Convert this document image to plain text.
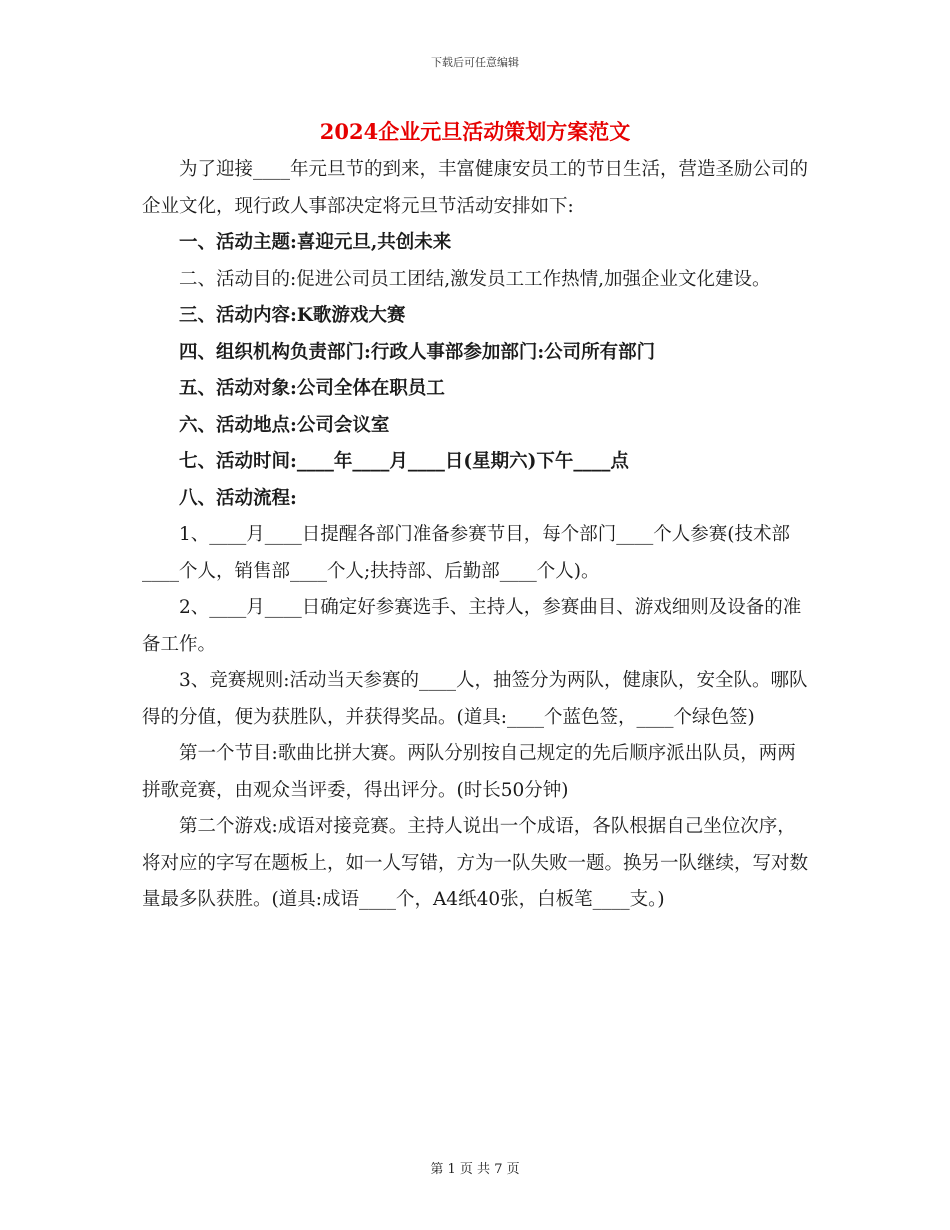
下载后可任意编辑
2024企业元旦活动策划方案范文

为了迎接____年元旦节的到来，丰富健康安员工的节日生活，营造圣励公司的企业文化，现行政人事部决定将元旦节活动安排如下:

一、活动主题:喜迎元旦,共创未来

二、活动目的:促进公司员工团结,激发员工工作热情,加强企业文化建设。

三、活动内容:K歌游戏大赛

四、组织机构负责部门:行政人事部参加部门:公司所有部门

五、活动对象:公司全体在职员工

六、活动地点:公司会议室

七、活动时间:____年____月____日(星期六)下午____点

八、活动流程:

1、____月____日提醒各部门准备参赛节目，每个部门____个人参赛(技术部____个人，销售部____个人;扶持部、后勤部____个人)。

2、____月____日确定好参赛选手、主持人，参赛曲目、游戏细则及设备的准备工作。

3、竞赛规则:活动当天参赛的____人，抽签分为两队，健康队，安全队。哪队得的分值，便为获胜队，并获得奖品。(道具:____个蓝色签，____个绿色签)

第一个节目:歌曲比拼大赛。两队分别按自己规定的先后顺序派出队员，两两拼歌竞赛，由观众当评委，得出评分。(时长50分钟)

第二个游戏:成语对接竞赛。主持人说出一个成语，各队根据自己坐位次序，将对应的字写在题板上，如一人写错，方为一队失败一题。换另一队继续，写对数量最多队获胜。(道具:成语____个，A4纸40张，白板笔____支。)

第 1 页 共 7 页
